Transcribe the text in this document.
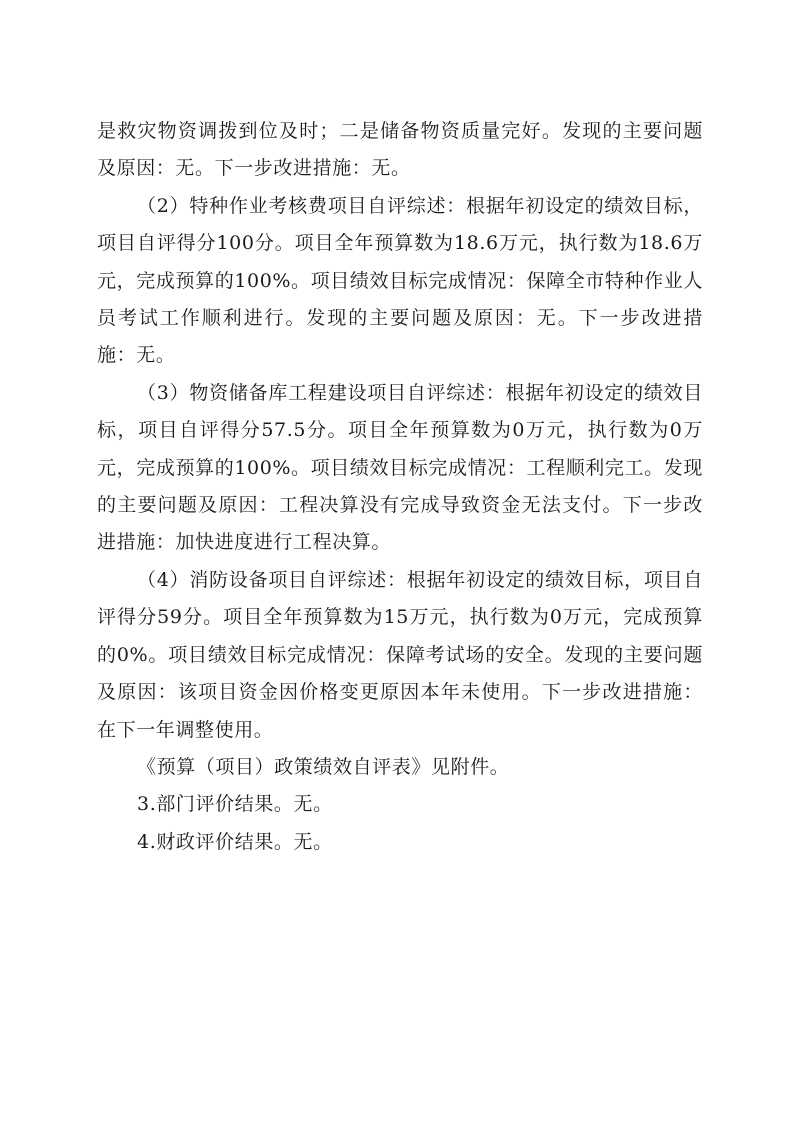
是救灾物资调拨到位及时；二是储备物资质量完好。发现的主要问题及原因：无。下一步改进措施：无。

（2）特种作业考核费项目自评综述：根据年初设定的绩效目标，项目自评得分100分。项目全年预算数为18.6万元，执行数为18.6万元，完成预算的100%。项目绩效目标完成情况：保障全市特种作业人员考试工作顺利进行。发现的主要问题及原因：无。下一步改进措施：无。

（3）物资储备库工程建设项目自评综述：根据年初设定的绩效目标，项目自评得分57.5分。项目全年预算数为0万元，执行数为0万元，完成预算的100%。项目绩效目标完成情况：工程顺利完工。发现的主要问题及原因：工程决算没有完成导致资金无法支付。下一步改进措施：加快进度进行工程决算。

（4）消防设备项目自评综述：根据年初设定的绩效目标，项目自评得分59分。项目全年预算数为15万元，执行数为0万元，完成预算的0%。项目绩效目标完成情况：保障考试场的安全。发现的主要问题及原因：该项目资金因价格变更原因本年未使用。下一步改进措施：在下一年调整使用。

《预算（项目）政策绩效自评表》见附件。

3.部门评价结果。无。

4.财政评价结果。无。
